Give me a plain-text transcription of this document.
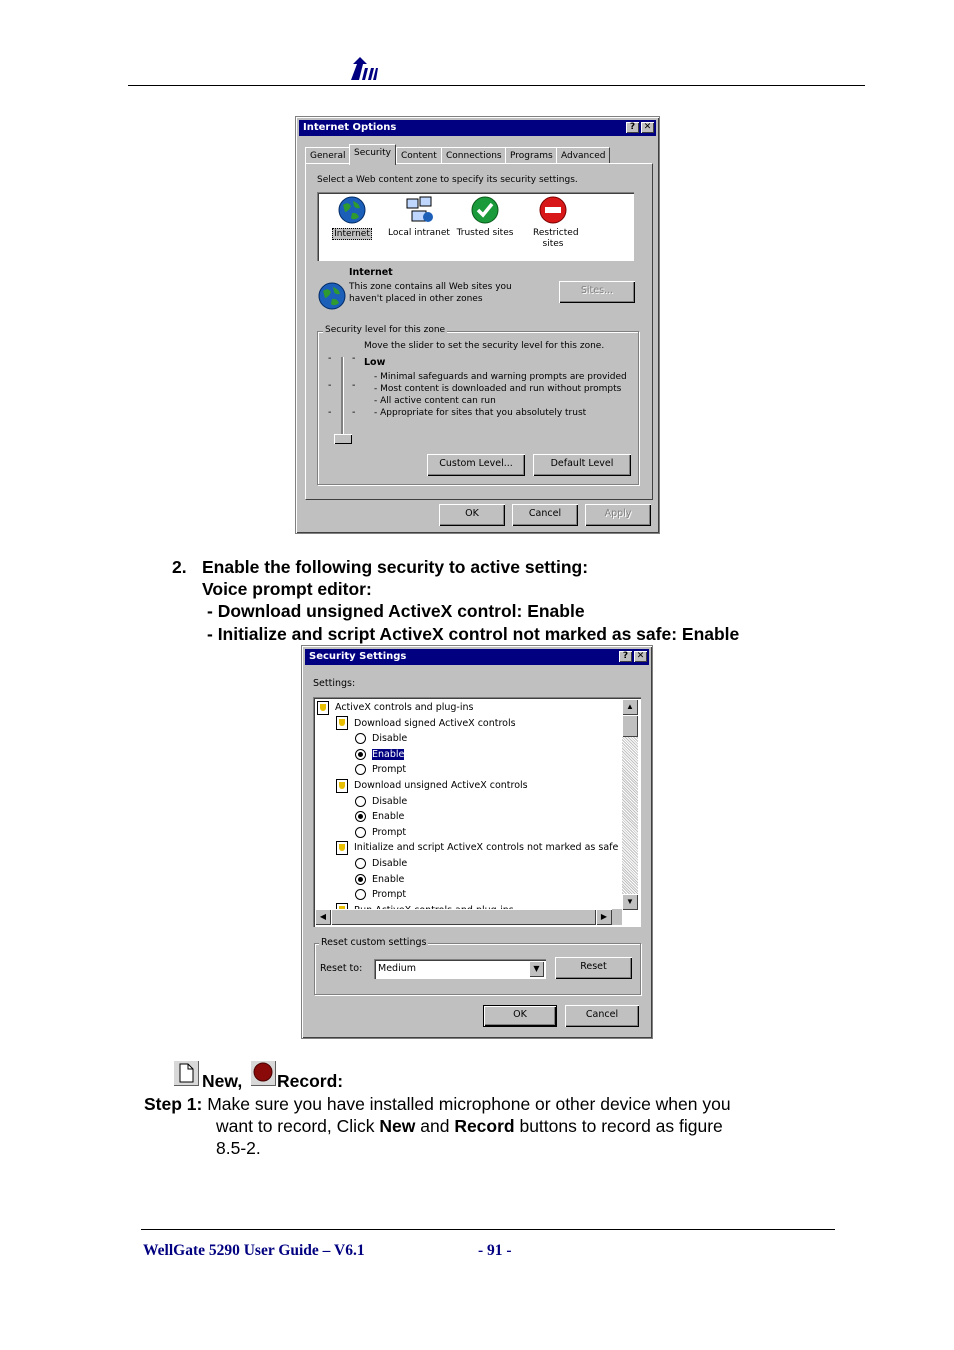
Internet Options	? ✕
General Security	Content	Connections Programs Advanced
Select a Web content zone to specify its security settings.
Internet	Local intranet Trusted sites	Restricted sites
Internet
This zone contains all Web sites you
haven't placed in other zones
Sites...
Security level for this zone
Move the slider to set the security level for this zone.
-
-
-
-
-
-
Low
- Minimal safeguards and warning prompts are provided
- Most content is downloaded and run without prompts
- All active content can run
- Appropriate for sites that you absolutely trust
Custom Level...	Default Level
OK	Cancel	Apply
2. Enable the following security to active setting:
Voice prompt editor:
- Download unsigned ActiveX control: Enable
- Initialize and script ActiveX control not marked as safe: Enable
Security Settings	? ✕
Settings:
ActiveX controls and plug-ins
Download signed ActiveX controls
Disable
Enable
Prompt
Download unsigned ActiveX controls
Disable
Enable
Prompt
Initialize and script ActiveX controls not marked as safe
Disable
Enable
Prompt
▲
▼
◀	▶
Reset custom settings
Reset to: Medium	▼	Reset
OK	Cancel
New, Record:
Step 1: Make sure you have installed microphone or other device when you
want to record, Click New and Record buttons to record as figure
8.5-2.
WellGate 5290 User Guide – V6.1	- 91 -
